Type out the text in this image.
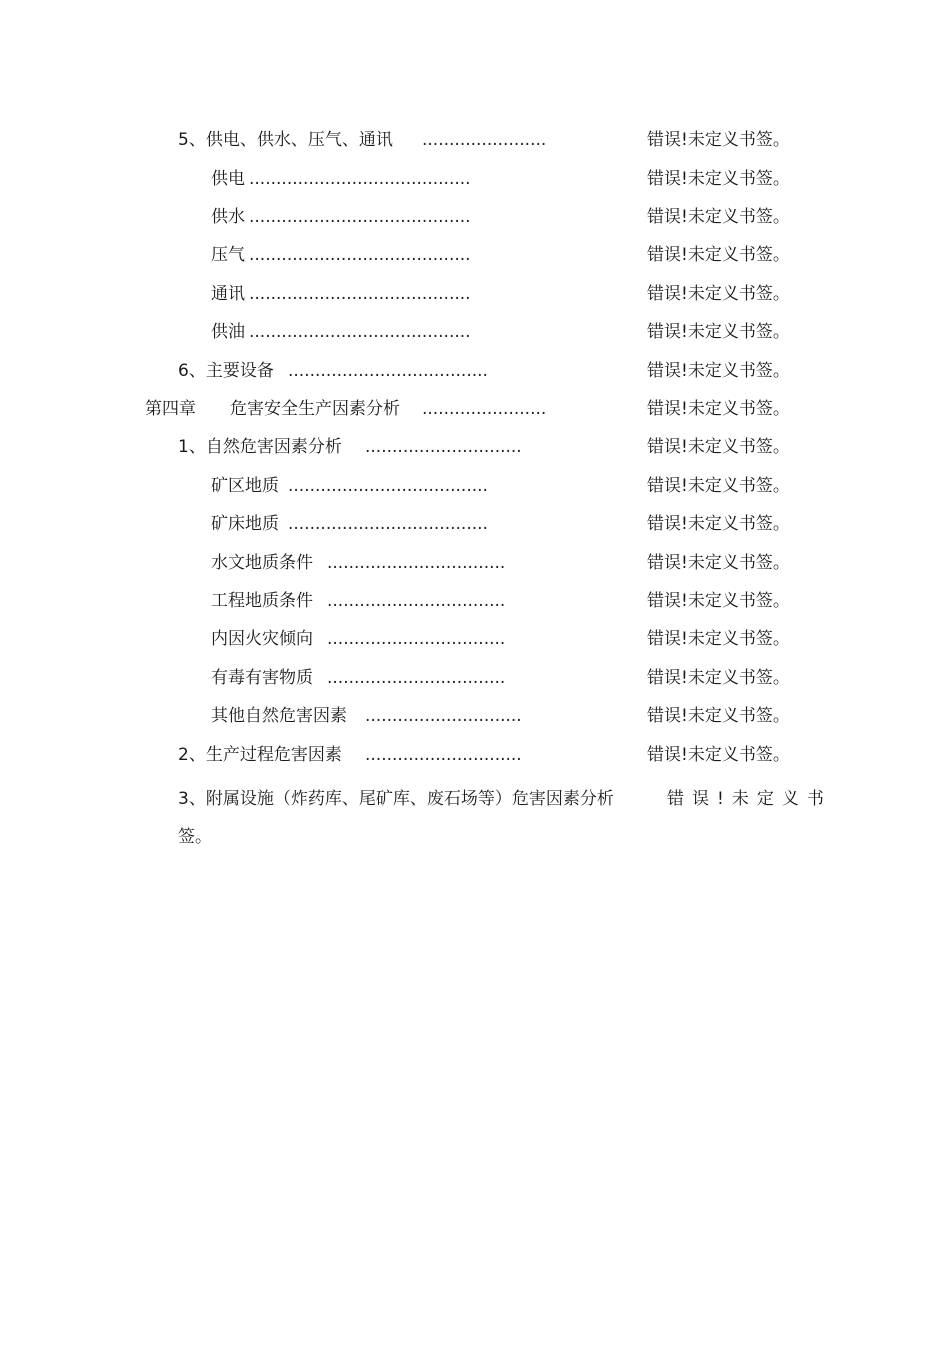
5、供电、供水、压气、通讯 .......................	错误!未定义书签。
供电 .........................................	错误!未定义书签。
供水 .........................................	错误!未定义书签。
压气 .........................................	错误!未定义书签。
通讯 .........................................	错误!未定义书签。
供油 .........................................	错误!未定义书签。
6、主要设备 .....................................	错误!未定义书签。
第四章　　危害安全生产因素分析 .......................	错误!未定义书签。
1、自然危害因素分析 .............................	错误!未定义书签。
矿区地质 .....................................	错误!未定义书签。
矿床地质 .....................................	错误!未定义书签。
水文地质条件 .................................	错误!未定义书签。
工程地质条件 .................................	错误!未定义书签。
内因火灾倾向 .................................	错误!未定义书签。
有毒有害物质 .................................	错误!未定义书签。
其他自然危害因素 .............................	错误!未定义书签。
2、生产过程危害因素 .............................	错误!未定义书签。
3、附属设施（炸药库、尾矿库、废石场等）危害因素分析	错误!未定义书
签。
